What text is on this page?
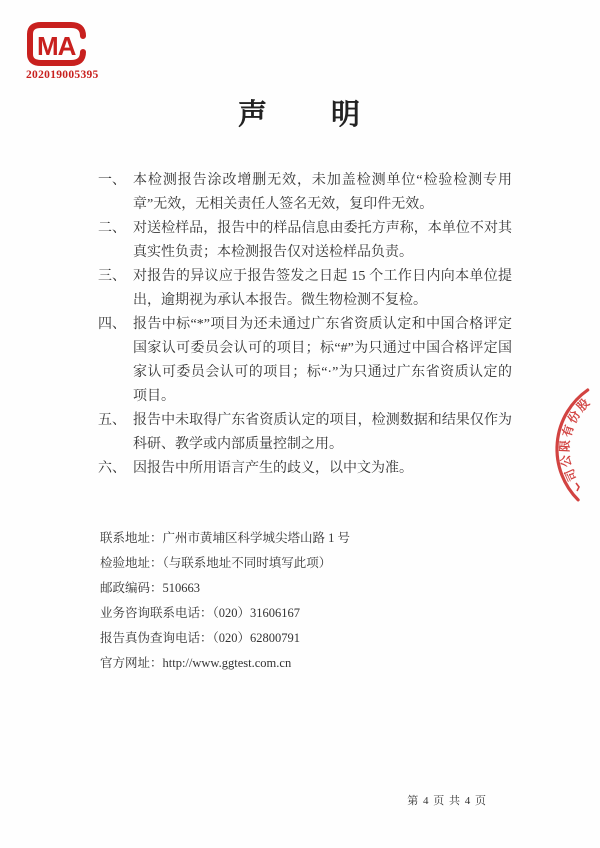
MA
202019005395
声　　明
一、 本检测报告涂改增删无效，未加盖检测单位“检验检测专用章”无效，无相关责任人签名无效，复印件无效。
二、 对送检样品，报告中的样品信息由委托方声称，本单位不对其真实性负责；本检测报告仅对送检样品负责。
三、 对报告的异议应于报告签发之日起 15 个工作日内向本单位提出，逾期视为承认本报告。微生物检测不复检。
四、 报告中标“*”项目为还未通过广东省资质认定和中国合格评定国家认可委员会认可的项目；标“#”为只通过中国合格评定国家认可委员会认可的项目；标“·”为只通过广东省资质认定的项目。
五、 报告中未取得广东省资质认定的项目，检测数据和结果仅作为科研、教学或内部质量控制之用。
六、 因报告中所用语言产生的歧义，以中文为准。
联系地址：广州市黄埔区科学城尖塔山路 1 号
检验地址：（与联系地址不同时填写此项）
邮政编码：510663
业务咨询联系电话：（020）31606167
报告真伪查询电话：（020）62800791
官方网址：http://www.ggtest.com.cn
第 4 页 共 4 页
股
份
有
限
公
司
